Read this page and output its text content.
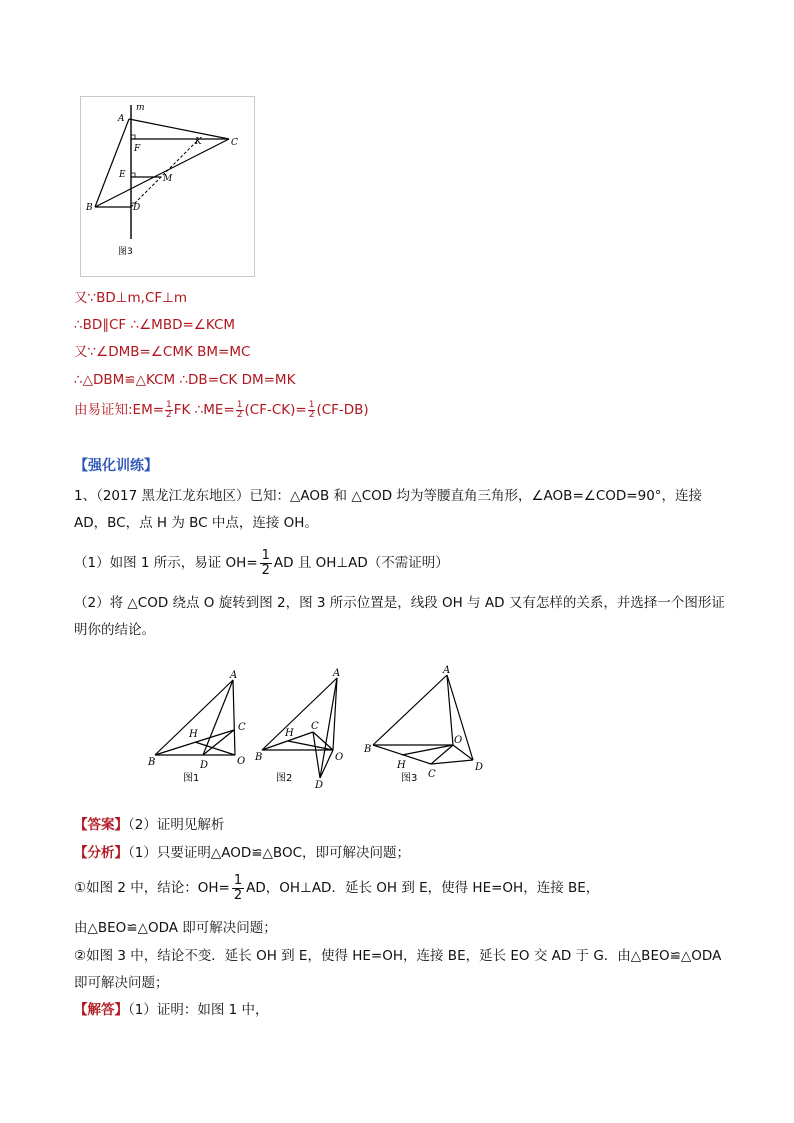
m
A
K	C
F
E	M
B	D
图3
又∵BD⊥m,CF⊥m
∴BD∥CF ∴∠MBD=∠KCM
又∵∠DMB=∠CMK BM=MC
∴△DBM≌△KCM ∴DB=CK DM=MK
由易证知:EM= $\frac{1}{2}$ FK ∴ME= $\frac{1}{2} (CF-CK)= \frac{1}{2} (CF-DB)$
【强化训练】
1、（2017 黑龙江龙东地区）已知：△AOB 和 △COD 均为等腰直角三角形，∠AOB=∠COD=90°，连接
AD，BC，点 H 为 BC 中点，连接 OH。
（1）如图 1 所示，易证 $OH= \frac{1}{2}$ AD 且 OH⊥AD（不需证明）
（2）将 △COD 绕点 O 旋转到图 2，图 3 所示位置是，线段 OH 与 AD 又有怎样的关系，并选择一个图形证
明你的结论。
A
C
H
B	D	O
图1
A
C
H
B	O
D
图2
A
B
O
H
C
D
图3
【答案】（2）证明见解析
【分析】（1）只要证明△AOD≌△BOC，即可解决问题；
①如图 2 中，结论：$OH= \frac{1}{2}$ AD，OH⊥AD．延长 OH 到 E，使得 HE=OH，连接 BE，
由△BEO≌△ODA 即可解决问题；
②如图 3 中，结论不变．延长 OH 到 E，使得 HE=OH，连接 BE，延长 EO 交 AD 于 G．由△BEO≌△ODA
即可解决问题；
【解答】（1）证明：如图 1 中，
